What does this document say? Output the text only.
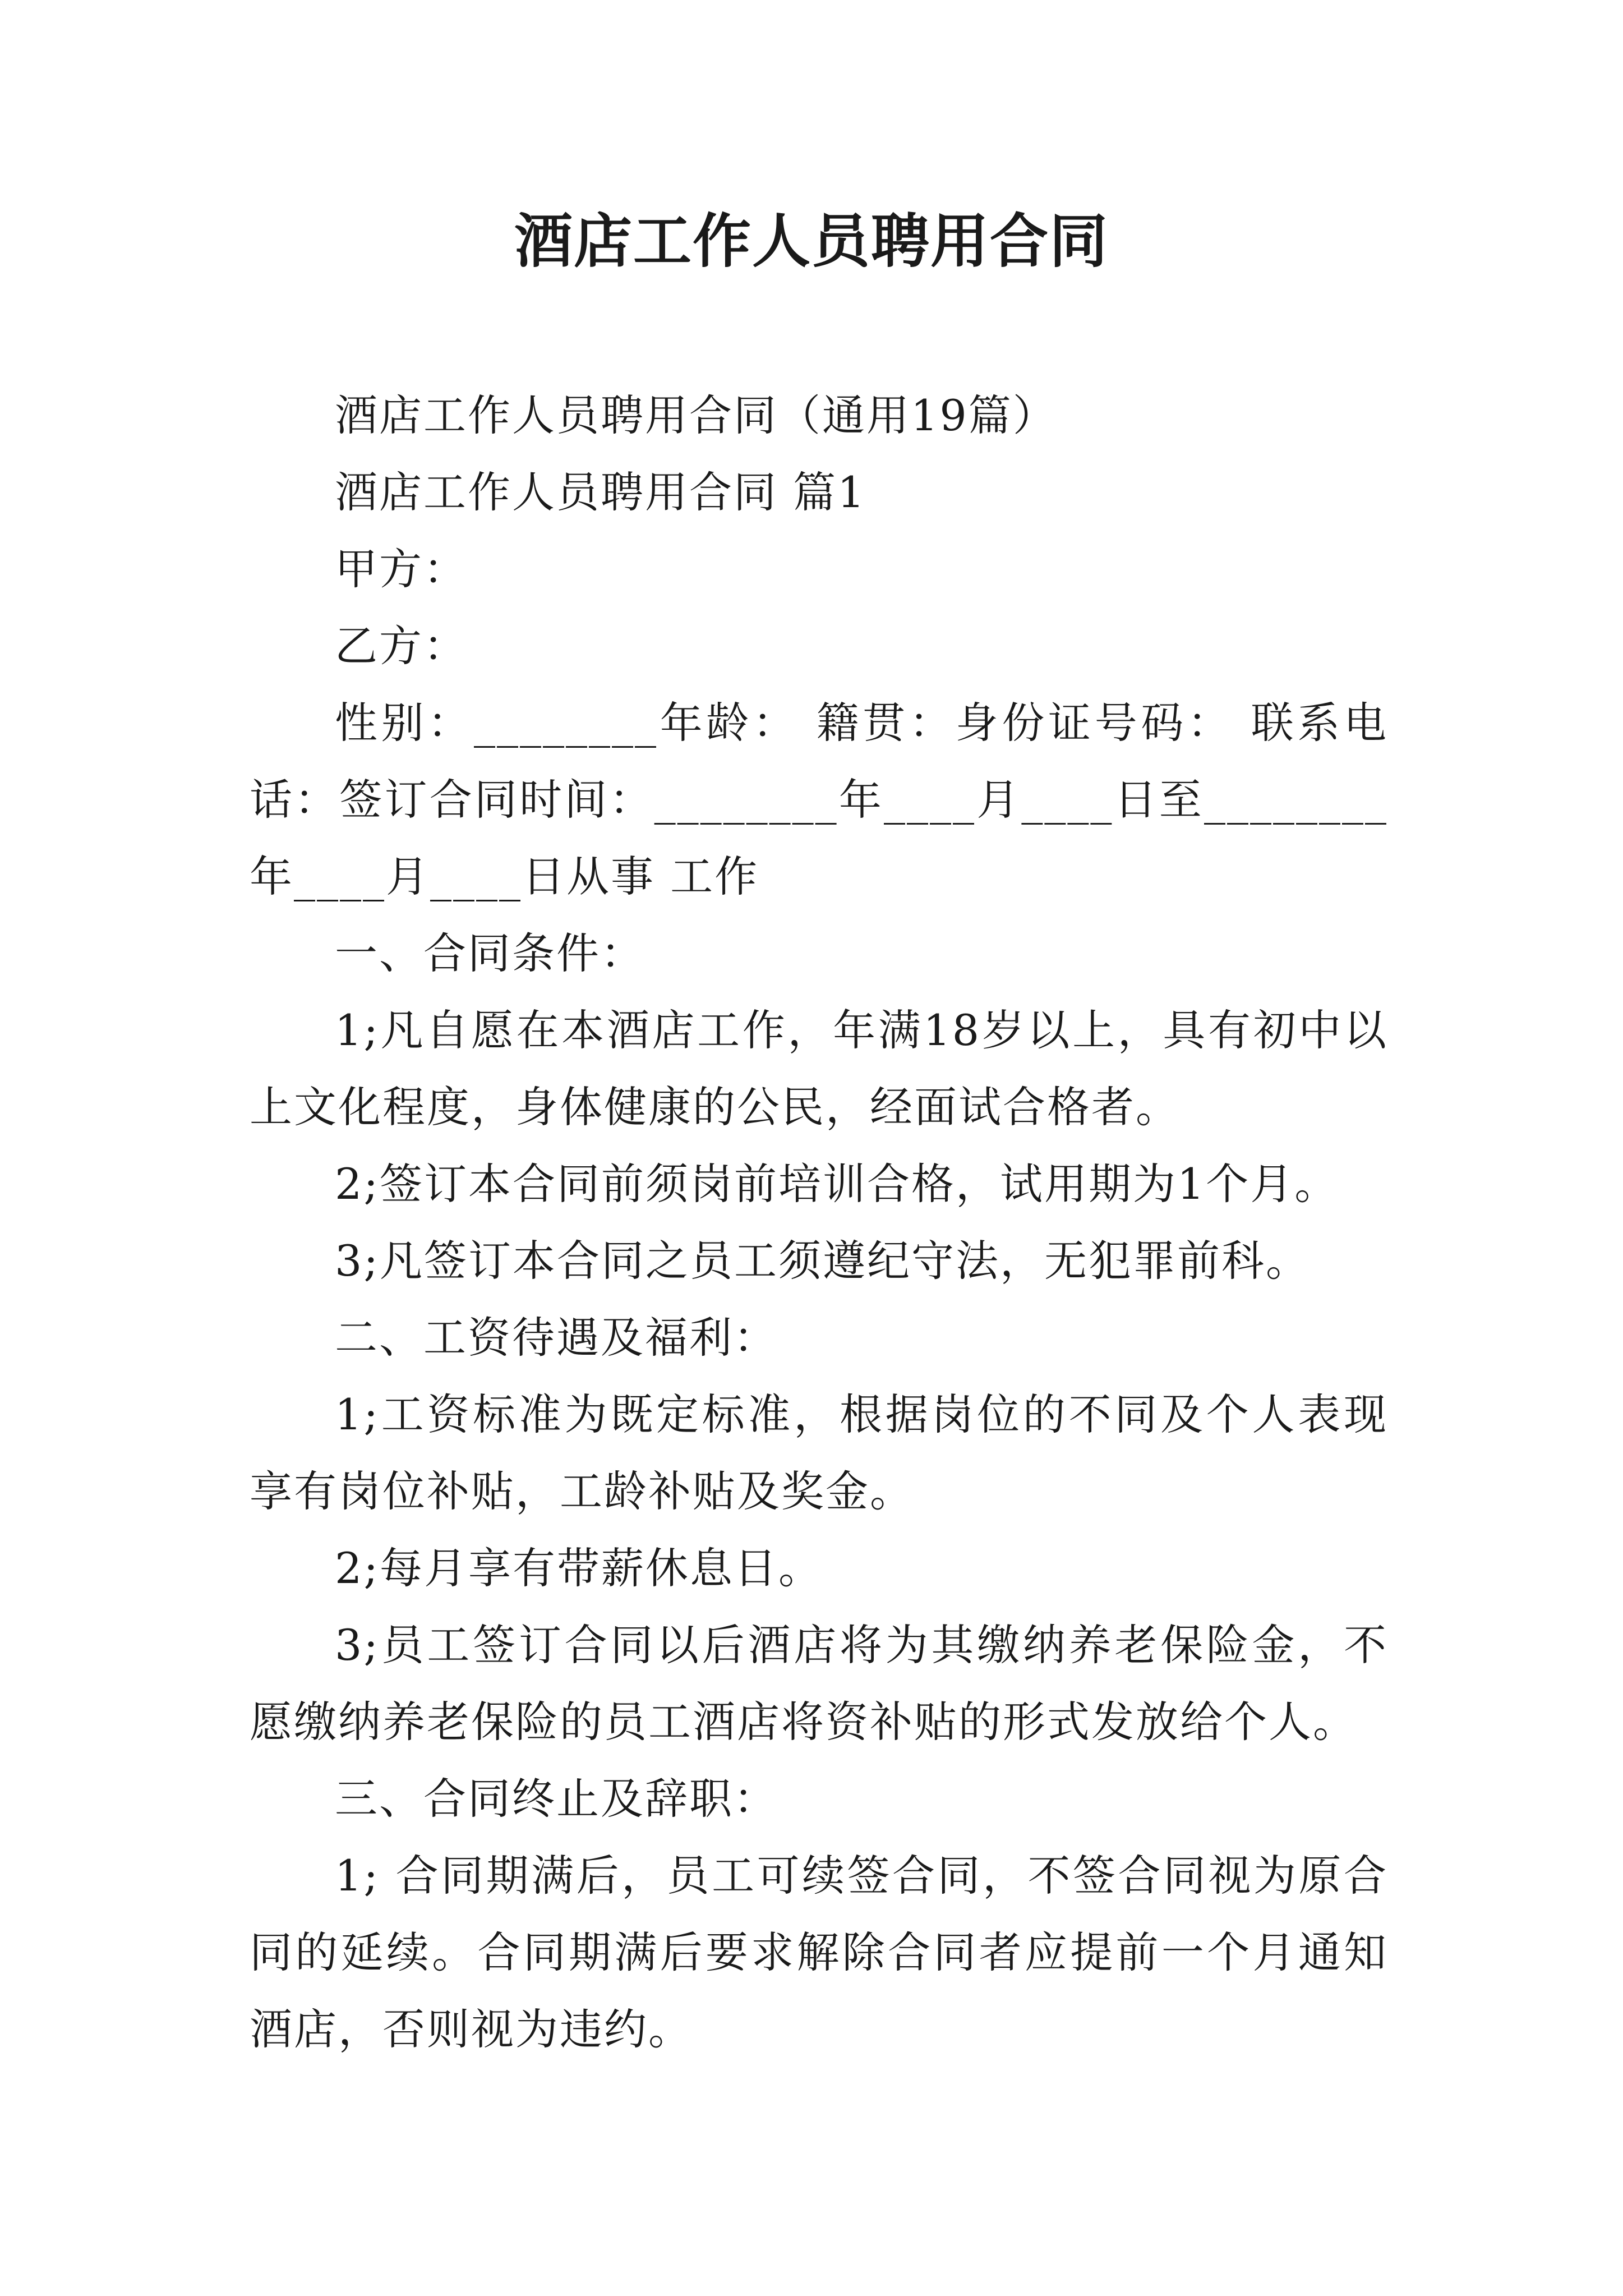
酒店工作人员聘用合同

酒店工作人员聘用合同（通用19篇）

酒店工作人员聘用合同 篇1

甲方：

乙方：

性别：________年龄： 籍贯：身份证号码： 联系电话：签订合同时间：________年____月____日至________年____月____日从事 工作

一、合同条件：

1;凡自愿在本酒店工作，年满18岁以上，具有初中以上文化程度，身体健康的公民，经面试合格者。

2;签订本合同前须岗前培训合格，试用期为1个月。

3;凡签订本合同之员工须遵纪守法，无犯罪前科。

二、工资待遇及福利：

1;工资标准为既定标准，根据岗位的不同及个人表现享有岗位补贴，工龄补贴及奖金。

2;每月享有带薪休息日。

3;员工签订合同以后酒店将为其缴纳养老保险金，不愿缴纳养老保险的员工酒店将资补贴的形式发放给个人。

三、合同终止及辞职：

1; 合同期满后，员工可续签合同，不签合同视为原合同的延续。合同期满后要求解除合同者应提前一个月通知酒店，否则视为违约。
